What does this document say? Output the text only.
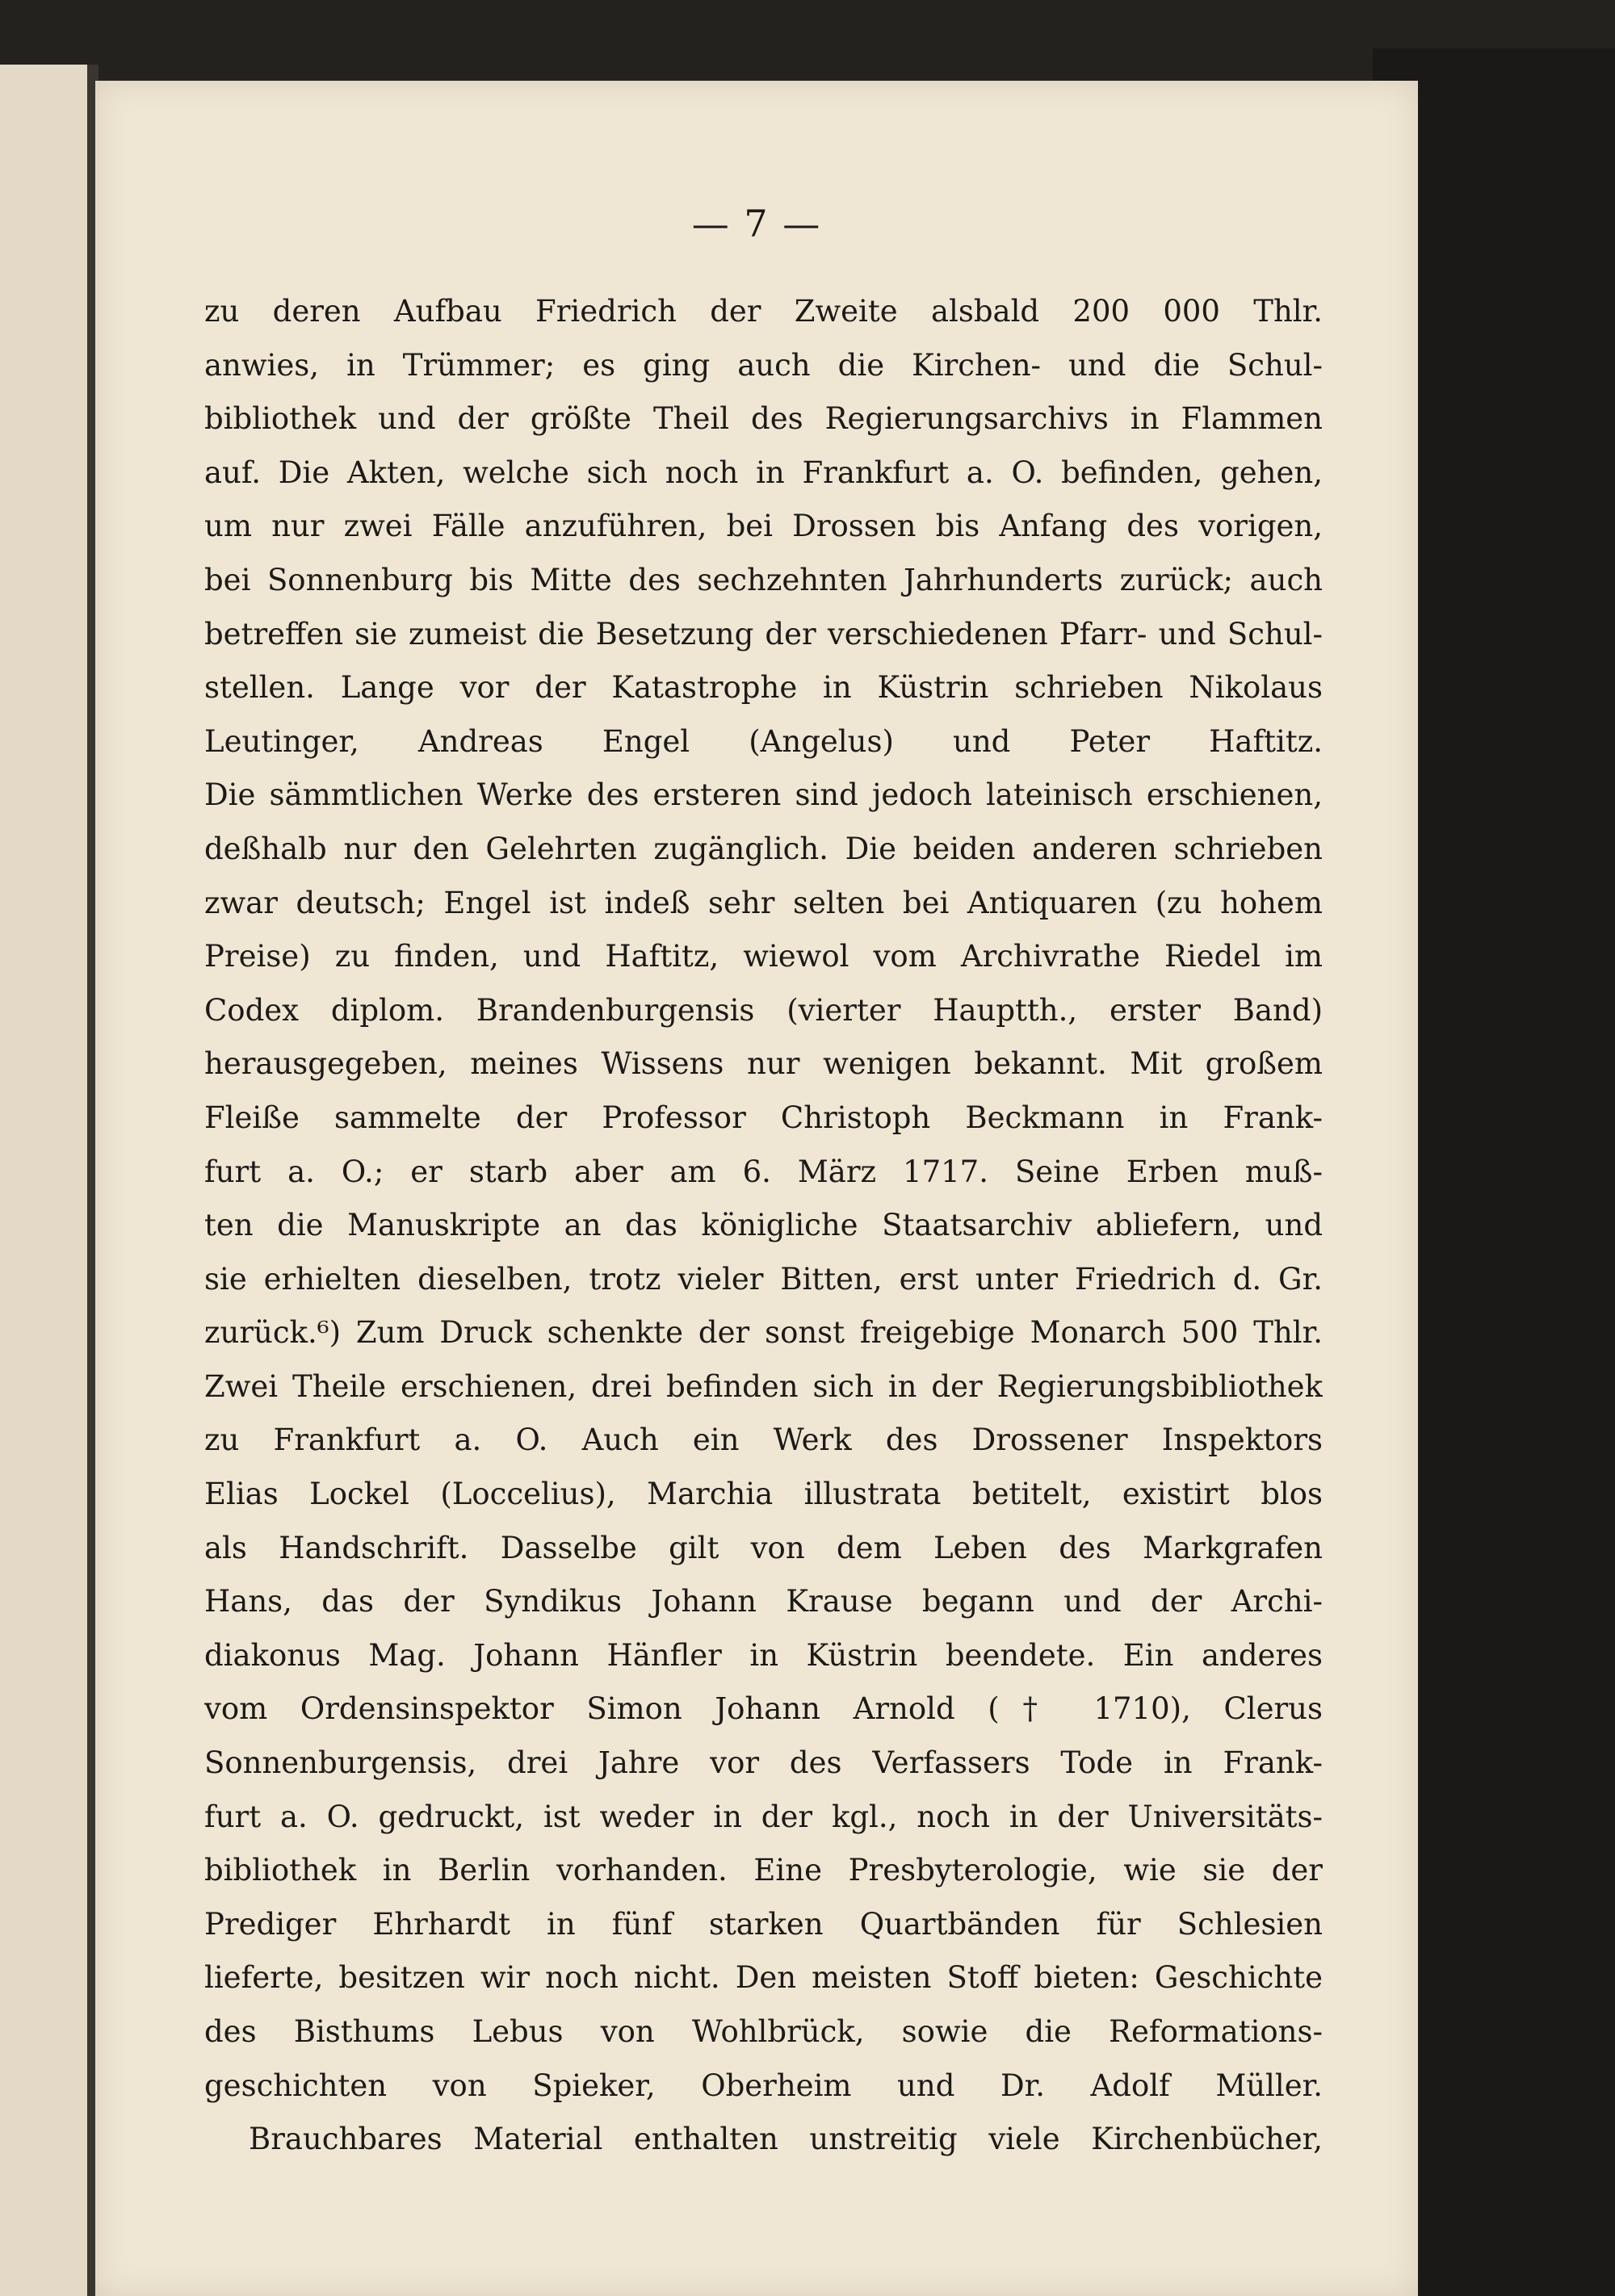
— 7 —
zu deren Aufbau Friedrich der Zweite alsbald 200 000 Thlr.
anwies, in Trümmer; es ging auch die Kirchen- und die Schul-
bibliothek und der größte Theil des Regierungsarchivs in Flammen
auf. Die Akten, welche sich noch in Frankfurt a. O. befinden, gehen,
um nur zwei Fälle anzuführen, bei Drossen bis Anfang des vorigen,
bei Sonnenburg bis Mitte des sechzehnten Jahrhunderts zurück; auch
betreffen sie zumeist die Besetzung der verschiedenen Pfarr- und Schul-
stellen. Lange vor der Katastrophe in Küstrin schrieben Nikolaus
Leutinger, Andreas Engel (Angelus) und Peter Haftitz.
Die sämmtlichen Werke des ersteren sind jedoch lateinisch erschienen,
deßhalb nur den Gelehrten zugänglich. Die beiden anderen schrieben
zwar deutsch; Engel ist indeß sehr selten bei Antiquaren (zu hohem
Preise) zu finden, und Haftitz, wiewol vom Archivrathe Riedel im
Codex diplom. Brandenburgensis (vierter Hauptth., erster Band)
herausgegeben, meines Wissens nur wenigen bekannt. Mit großem
Fleiße sammelte der Professor Christoph Beckmann in Frank-
furt a. O.; er starb aber am 6. März 1717. Seine Erben muß-
ten die Manuskripte an das königliche Staatsarchiv abliefern, und
sie erhielten dieselben, trotz vieler Bitten, erst unter Friedrich d. Gr.
zurück.⁶) Zum Druck schenkte der sonst freigebige Monarch 500 Thlr.
Zwei Theile erschienen, drei befinden sich in der Regierungsbibliothek
zu Frankfurt a. O. Auch ein Werk des Drossener Inspektors
Elias Lockel (Loccelius), Marchia illustrata betitelt, existirt blos
als Handschrift. Dasselbe gilt von dem Leben des Markgrafen
Hans, das der Syndikus Johann Krause begann und der Archi-
diakonus Mag. Johann Hänfler in Küstrin beendete. Ein anderes
vom Ordensinspektor Simon Johann Arnold († 1710), Clerus
Sonnenburgensis, drei Jahre vor des Verfassers Tode in Frank-
furt a. O. gedruckt, ist weder in der kgl., noch in der Universitäts-
bibliothek in Berlin vorhanden. Eine Presbyterologie, wie sie der
Prediger Ehrhardt in fünf starken Quartbänden für Schlesien
lieferte, besitzen wir noch nicht. Den meisten Stoff bieten: Geschichte
des Bisthums Lebus von Wohlbrück, sowie die Reformations-
geschichten von Spieker, Oberheim und Dr. Adolf Müller.
Brauchbares Material enthalten unstreitig viele Kirchenbücher,
